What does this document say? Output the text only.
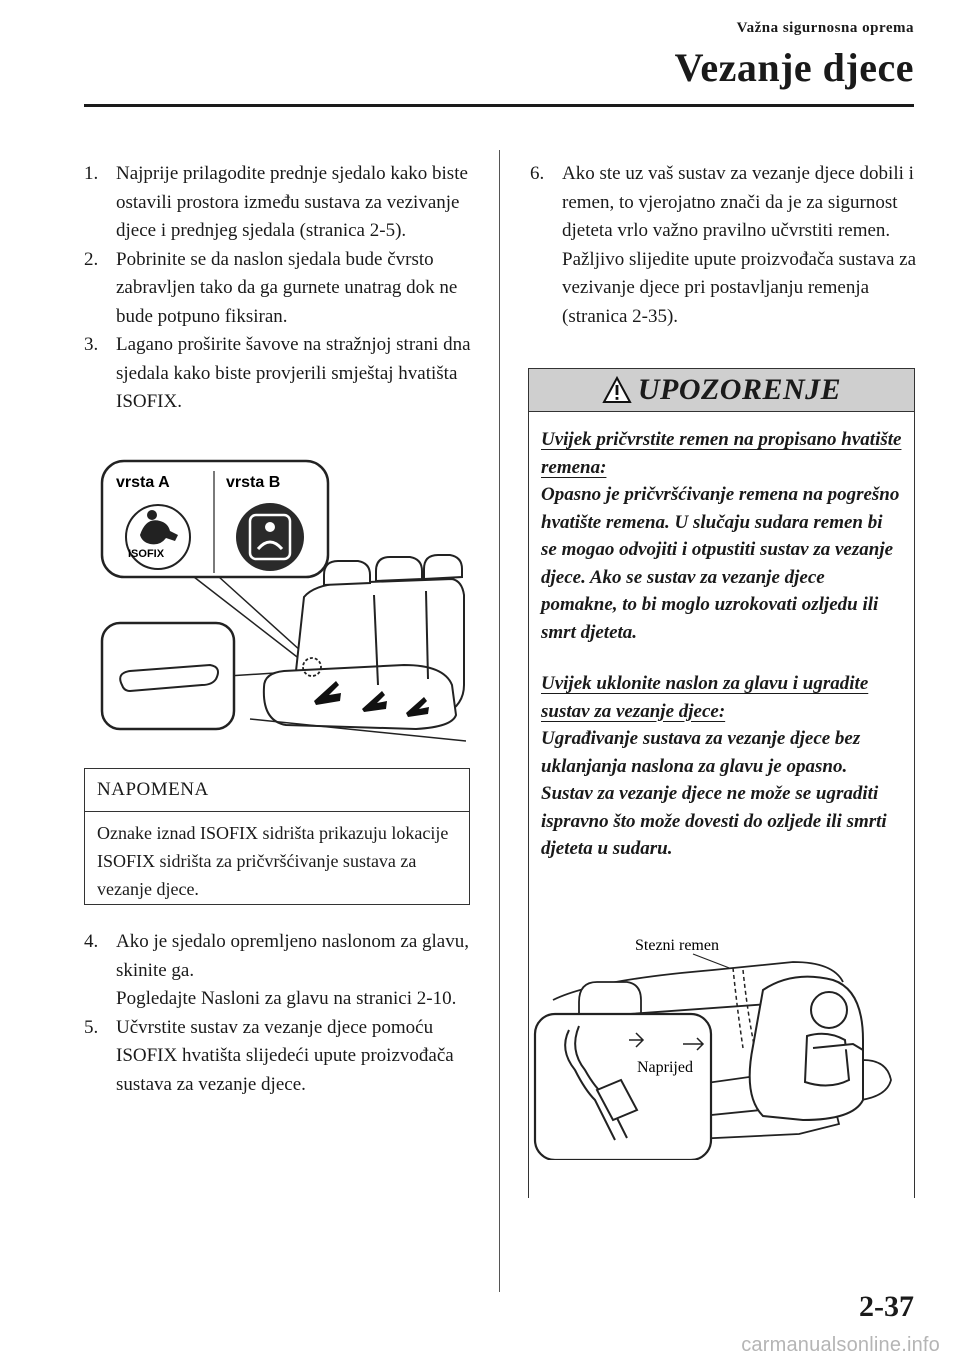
Važna sigurnosna oprema
Vezanje djece
1. Najprije prilagodite prednje sjedalo kako biste ostavili prostora između sustava za vezivanje djece i prednjeg sjedala (stranica 2-5).
2. Pobrinite se da naslon sjedala bude čvrsto zabravljen tako da ga gurnete unatrag dok ne bude potpuno fiksiran.
3. Lagano proširite šavove na stražnjoj strani dna sjedala kako biste provjerili smještaj hvatišta ISOFIX.
vrsta A	vrsta B
ISOFIX
NAPOMENA
Oznake iznad ISOFIX sidrišta prikazuju lokacije ISOFIX sidrišta za pričvršćivanje sustava za vezanje djece.
4. Ako je sjedalo opremljeno naslonom za glavu, skinite ga.
Pogledajte Nasloni za glavu na stranici 2-10.
5. Učvrstite sustav za vezanje djece pomoću ISOFIX hvatišta slijedeći upute proizvođača sustava za vezanje djece.
6. Ako ste uz vaš sustav za vezanje djece dobili i remen, to vjerojatno znači da je za sigurnost djeteta vrlo važno pravilno učvrstiti remen. Pažljivo slijedite upute proizvođača sustava za vezivanje djece pri postavljanju remenja (stranica 2-35).
UPOZORENJE

Uvijek pričvrstite remen na propisano hvatište remena:
Opasno je pričvršćivanje remena na pogrešno hvatište remena. U slučaju sudara remen bi se mogao odvojiti i otpustiti sustav za vezanje djece. Ako se sustav za vezanje djece pomakne, to bi moglo uzrokovati ozljedu ili smrt djeteta.

Uvijek uklonite naslon za glavu i ugradite sustav za vezanje djece:
Ugrađivanje sustava za vezanje djece bez uklanjanja naslona za glavu je opasno. Sustav za vezanje djece ne može se ugraditi ispravno što može dovesti do ozljede ili smrti djeteta u sudaru.

Stezni remen
Naprijed
2-37
carmanualsonline.info
